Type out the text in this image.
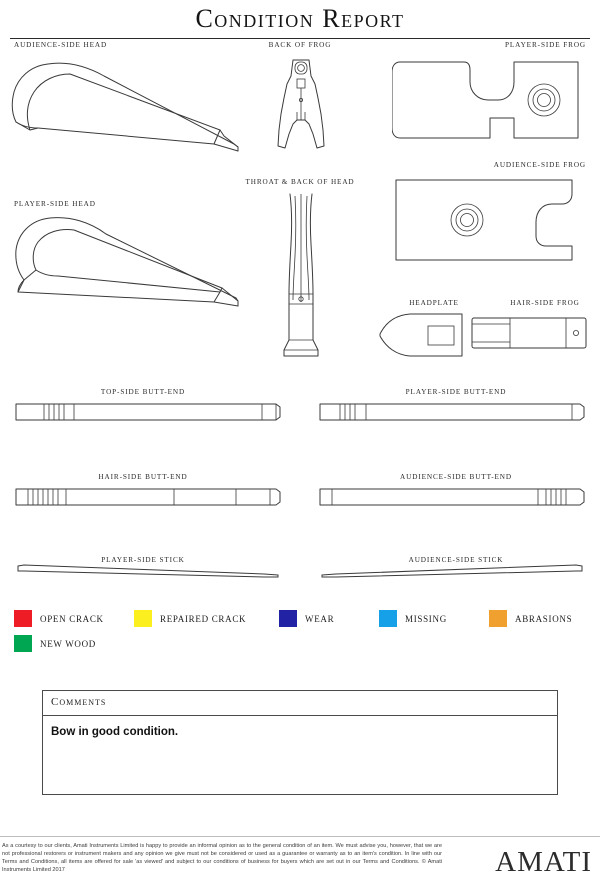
Condition Report
AUDIENCE-SIDE HEAD	BACK OF FROG	PLAYER-SIDE FROG
AUDIENCE-SIDE FROG
PLAYER-SIDE HEAD
THROAT & BACK OF HEAD
HEADPLATE	HAIR-SIDE FROG
TOP-SIDE BUTT-END	PLAYER-SIDE BUTT-END
HAIR-SIDE BUTT-END	AUDIENCE-SIDE BUTT-END
PLAYER-SIDE STICK	AUDIENCE-SIDE STICK
OPEN CRACK	REPAIRED CRACK	WEAR	MISSING	ABRASIONS
NEW WOOD
Comments
Bow in good condition.
As a courtesy to our clients, Amati Instruments Limited is happy to provide an informal opinion as to the general condition of an item. We must advise you, however, that we are not professional restorers or instrument makers and any opinion we give must not be considered or used as a guarantee or warranty as to an item's condition. In line with our Terms and Conditions, all items are offered for sale 'as viewed' and subject to our conditions of business for buyers which are set out in our Terms and Conditions. © Amati Instruments Limited 2017	AMATI
